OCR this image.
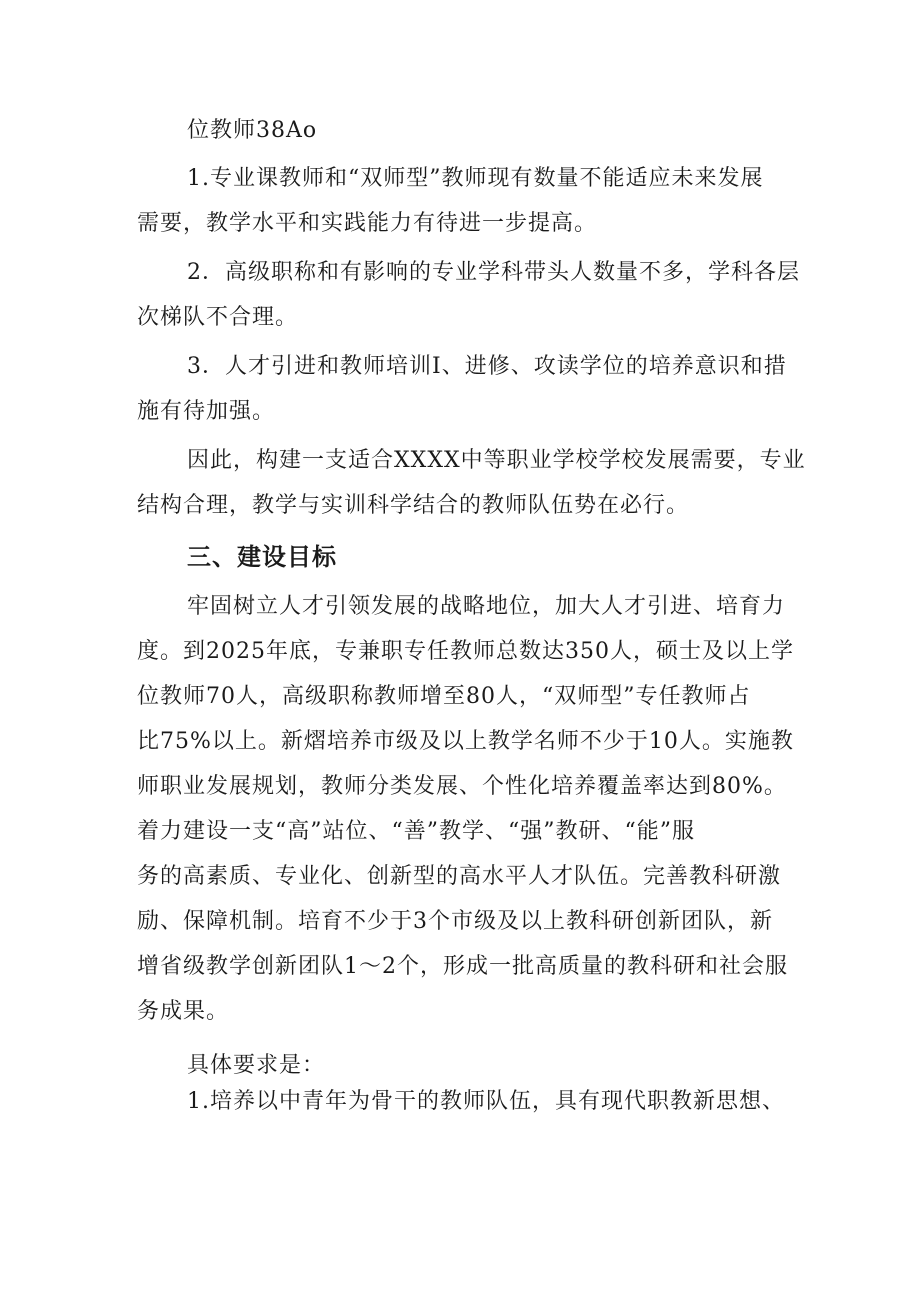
位教师38Ao

1.专业课教师和“双师型”教师现有数量不能适应未来发展
需要，教学水平和实践能力有待进一步提高。

2．高级职称和有影响的专业学科带头人数量不多，学科各层
次梯队不合理。

3．人才引进和教师培训I、进修、攻读学位的培养意识和措
施有待加强。

因此，构建一支适合XXXX中等职业学校学校发展需要，专业
结构合理，教学与实训科学结合的教师队伍势在必行。

三、建设目标

牢固树立人才引领发展的战略地位，加大人才引进、培育力
度。到2025年底，专兼职专任教师总数达350人，硕士及以上学
位教师70人，高级职称教师增至80人，“双师型”专任教师占
比75%以上。新熠培养市级及以上教学名师不少于10人。实施教
师职业发展规划，教师分类发展、个性化培养覆盖率达到80%。
着力建设一支“高”站位、“善”教学、“强”教研、“能”服
务的高素质、专业化、创新型的高水平人才队伍。完善教科研激
励、保障机制。培育不少于3个市级及以上教科研创新团队，新
增省级教学创新团队1～2个，形成一批高质量的教科研和社会服
务成果。

具体要求是：
1.培养以中青年为骨干的教师队伍，具有现代职教新思想、
